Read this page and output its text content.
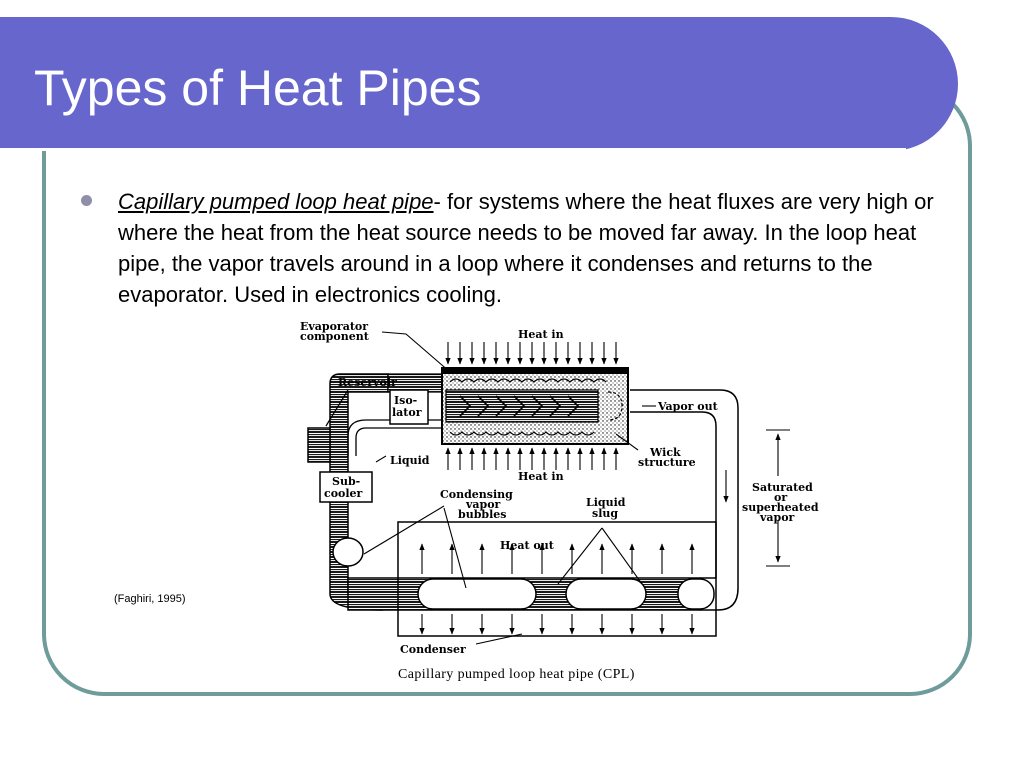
Types of Heat Pipes

Capillary pumped loop heat pipe- for systems where the heat fluxes are very high or where the heat from the heat source needs to be moved far away. In the loop heat pipe, the vapor travels around in a loop where it condenses and returns to the evaporator. Used in electronics cooling.

Iso-
lator
Sub-
cooler
Evaporator
component	Heat in
Reservoir
Vapor out
Liquid
Heat in
Wick
structure
Condensing
vapor
bubbles
Liquid
slug
Saturated
or
superheated
vapor
Heat out
Condenser
Capillary pumped loop heat pipe (CPL)
(Faghiri, 1995)
